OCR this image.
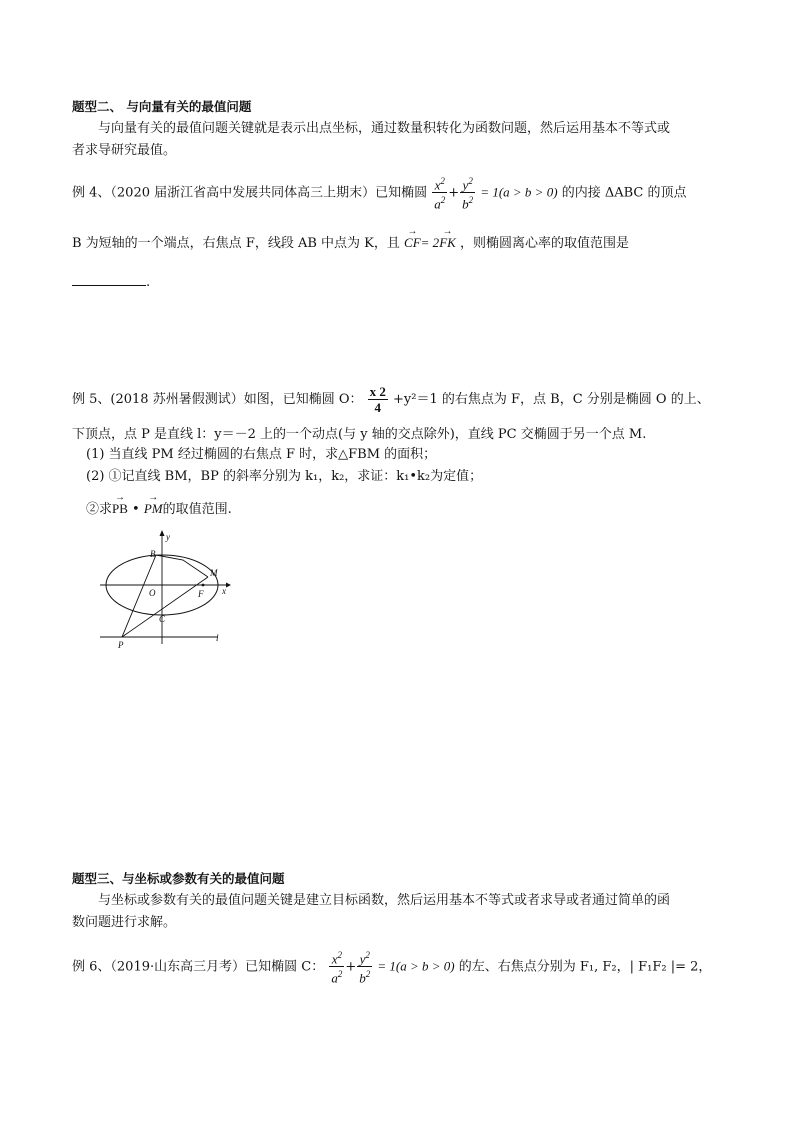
题型二、 与向量有关的最值问题
与向量有关的最值问题关键就是表示出点坐标，通过数量积转化为函数问题，然后运用基本不等式或
者求导研究最值。
例 4、（2020 届浙江省高中发展共同体高三上期末）已知椭圆 $\frac{x^2}{a^2} + \frac{y^2}{b^2} = 1(a > b > 0)$ 的内接 ΔABC 的顶点
B 为短轴的一个端点，右焦点 F，线段 AB 中点为 K，且 → CF= 2→ FK ，则椭圆离心率的取值范围是
.
例 5、(2018 苏州暑假测试）如图，已知椭圆 O： $\frac{x 2}{4} +y^2=1$ 的右焦点为 F，点 B，C 分别是椭圆 O 的上、
下顶点，点 P 是直线 l：y＝－2 上的一个动点(与 y 轴的交点除外)，直线 PC 交椭圆于另一个点 M.
(1) 当直线 PM 经过椭圆的右焦点 F 时，求△FBM 的面积；
(2) ①记直线 BM，BP 的斜率分别为 k₁，k₂，求证：k₁•k₂为定值；
②求→ PB • → PM的取值范围.
y
B
M
O	F x
C
l
P
题型三、与坐标或参数有关的最值问题
与坐标或参数有关的最值问题关键是建立目标函数，然后运用基本不等式或者求导或者通过简单的函
数问题进行求解。
例 6、（2019·山东高三月考）已知椭圆 C： $\frac{x^2}{a^2} + \frac{y^2}{b^2} = 1(a > b > 0)$ 的左、右焦点分别为 F₁, F₂，| F₁F₂ |= 2，
